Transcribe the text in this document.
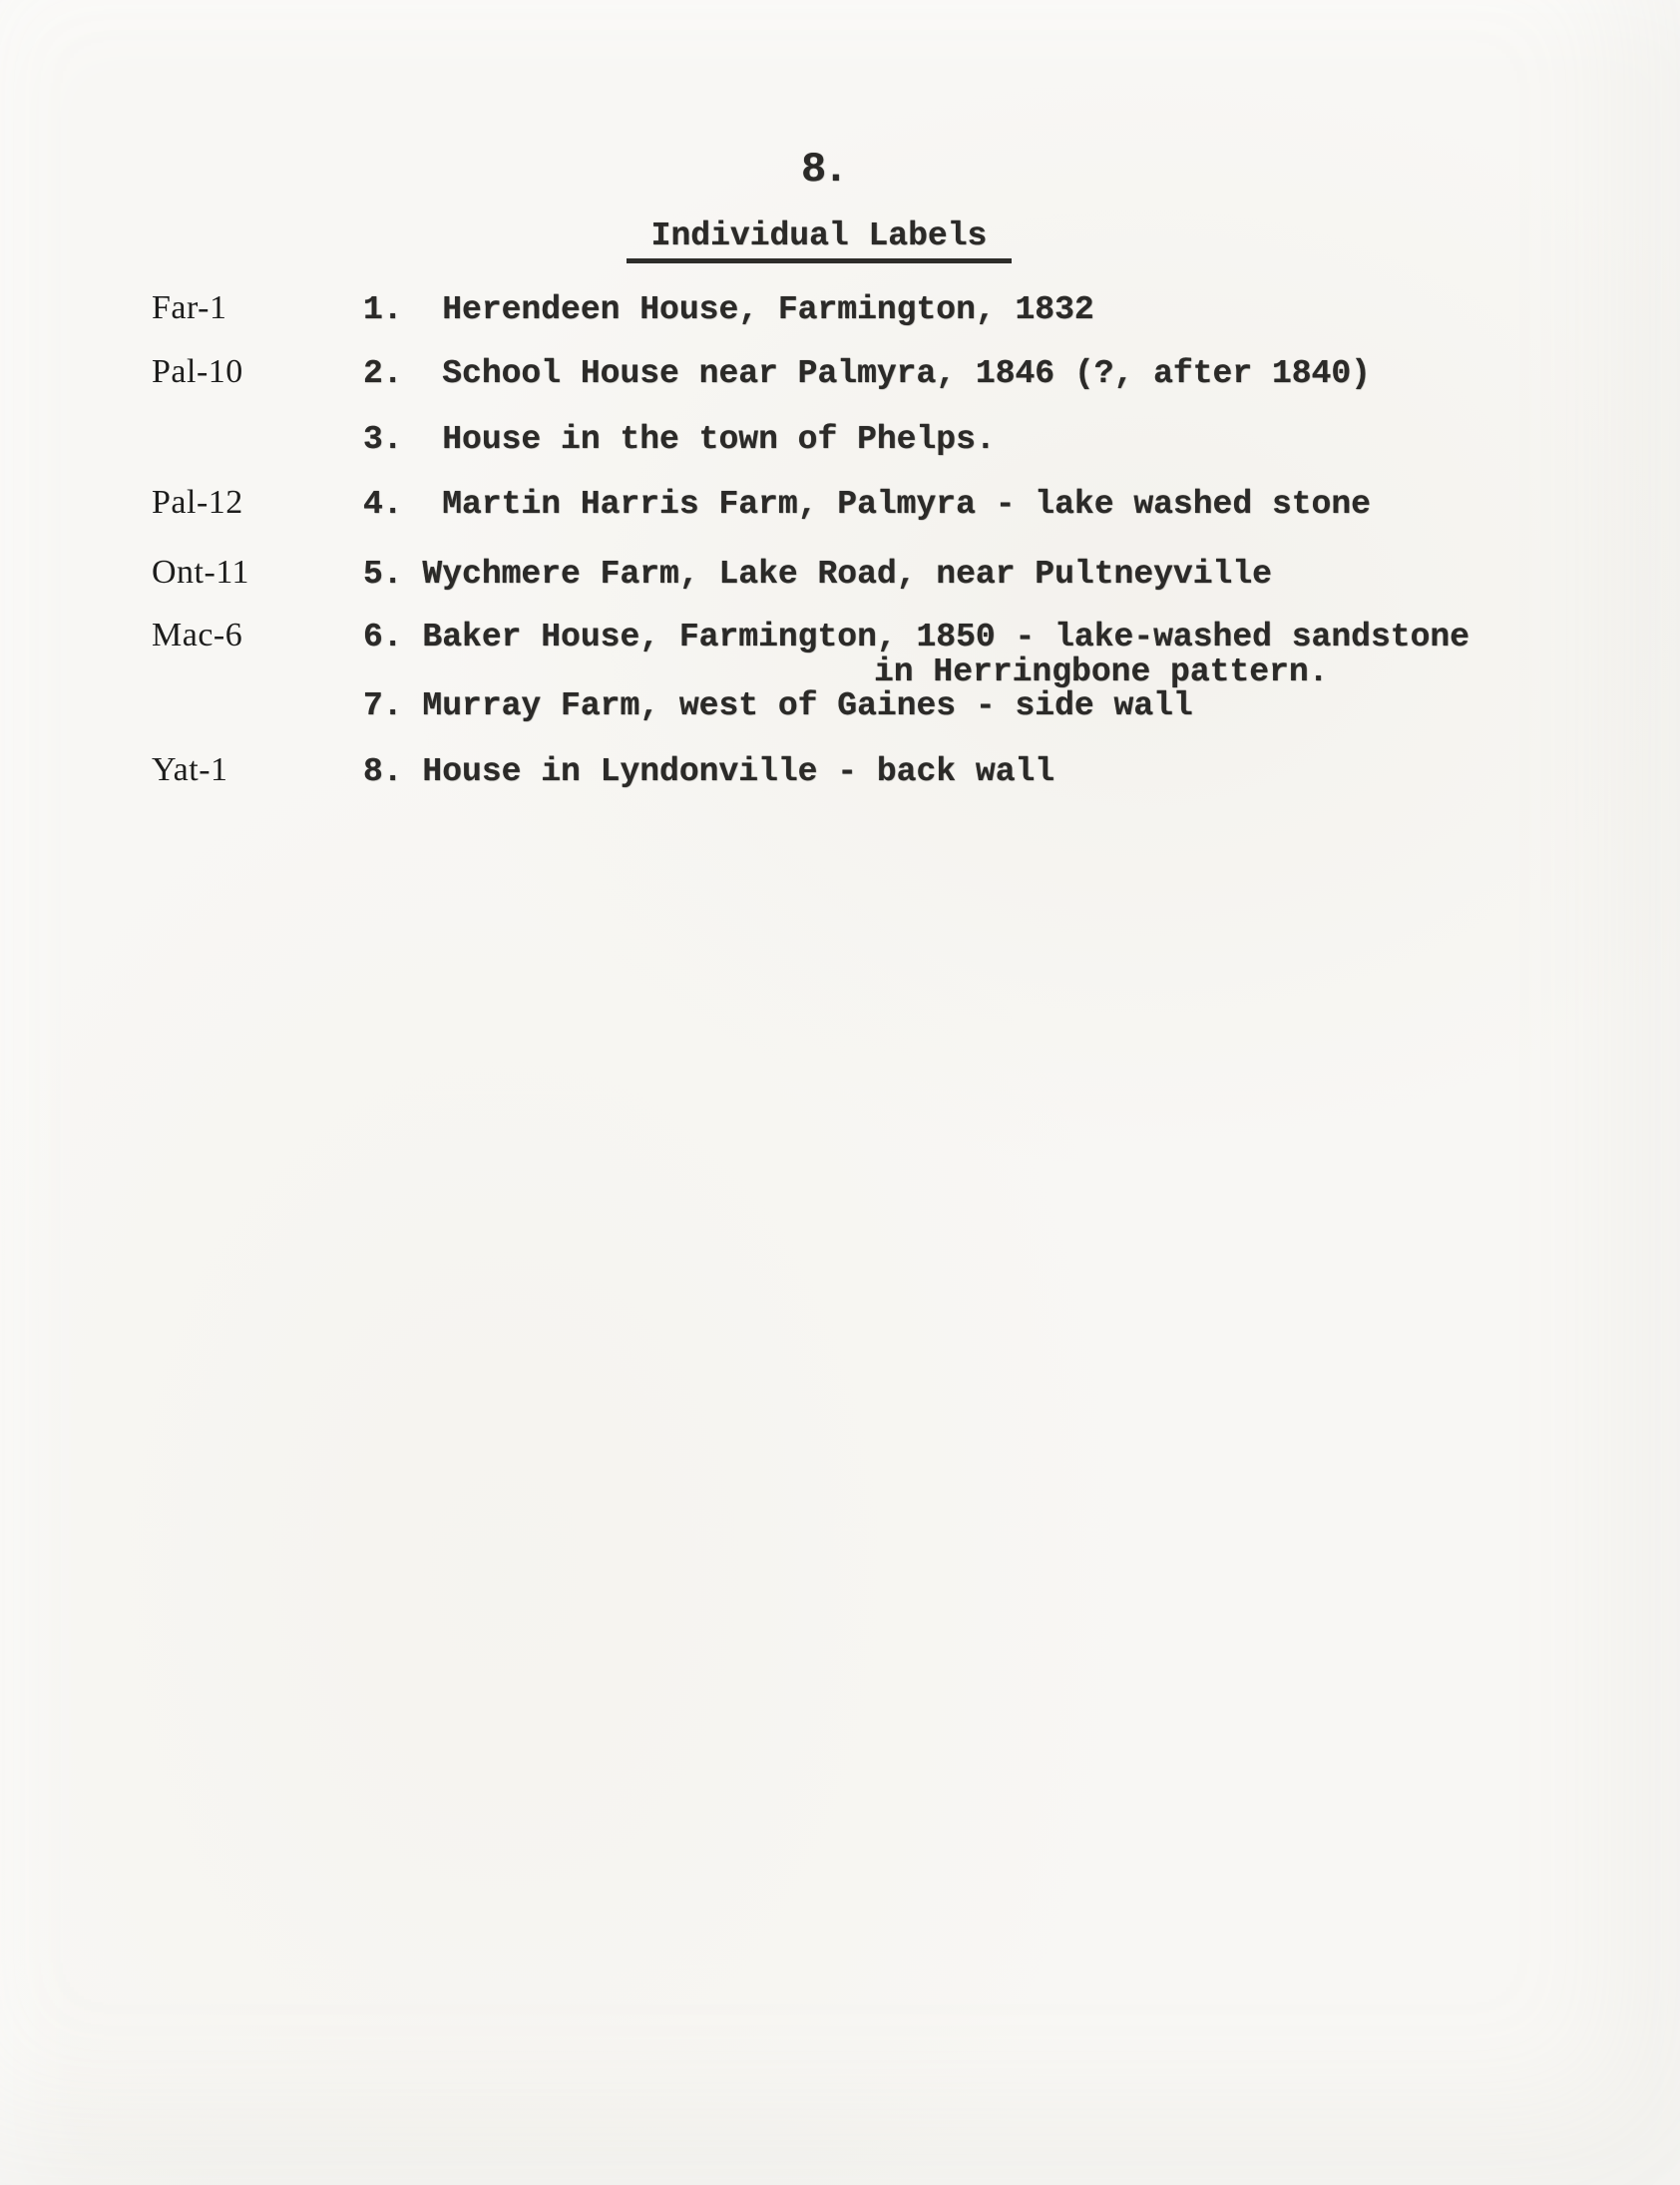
8.
Individual Labels
Far-1	1.  Herendeen House, Farmington, 1832
Pal-10	2.  School House near Palmyra, 1846 (?, after 1840)
3.  House in the town of Phelps.
Pal-12	4.  Martin Harris Farm, Palmyra - lake washed stone
Ont-11	5. Wychmere Farm, Lake Road, near Pultneyville
Mac-6	6. Baker House, Farmington, 1850 - lake-washed sandstone
in Herringbone pattern.
7. Murray Farm, west of Gaines - side wall
Yat-1	8. House in Lyndonville - back wall
